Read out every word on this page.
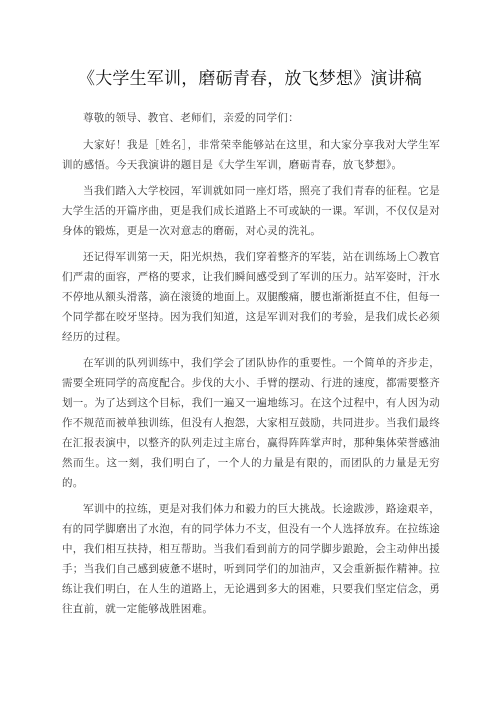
《大学生军训，磨砺青春，放飞梦想》演讲稿

尊敬的领导、教官、老师们，亲爱的同学们：

大家好！我是［姓名］，非常荣幸能够站在这里，和大家分享我对大学生军训的感悟。今天我演讲的题目是《大学生军训，磨砺青春，放飞梦想》。

当我们踏入大学校园，军训就如同一座灯塔，照亮了我们青春的征程。它是大学生活的开篇序曲，更是我们成长道路上不可或缺的一课。军训，不仅仅是对身体的锻炼，更是一次对意志的磨砺，对心灵的洗礼。

还记得军训第一天，阳光炽热，我们穿着整齐的军装，站在训练场上〇教官们严肃的面容，严格的要求，让我们瞬间感受到了军训的压力。站军姿时，汗水不停地从额头滑落，滴在滚烫的地面上。双腿酸痛，腰也渐渐挺直不住，但每一个同学都在咬牙坚持。因为我们知道，这是军训对我们的考验，是我们成长必须经历的过程。

在军训的队列训练中，我们学会了团队协作的重要性。一个简单的齐步走，需要全班同学的高度配合。步伐的大小、手臂的摆动、行进的速度，都需要整齐划一。为了达到这个目标，我们一遍又一遍地练习。在这个过程中，有人因为动作不规范而被单独训练，但没有人抱怨，大家相互鼓励，共同进步。当我们最终在汇报表演中，以整齐的队列走过主席台，赢得阵阵掌声时，那种集体荣誉感油然而生。这一刻，我们明白了，一个人的力量是有限的，而团队的力量是无穷的。

军训中的拉练，更是对我们体力和毅力的巨大挑战。长途跋涉，路途艰辛，有的同学脚磨出了水泡，有的同学体力不支，但没有一个人选择放弃。在拉练途中，我们相互扶持，相互帮助。当我们看到前方的同学脚步踉跄，会主动伸出援手；当我们自己感到疲惫不堪时，听到同学们的加油声，又会重新振作精神。拉练让我们明白，在人生的道路上，无论遇到多大的困难，只要我们坚定信念，勇往直前，就一定能够战胜困难。
